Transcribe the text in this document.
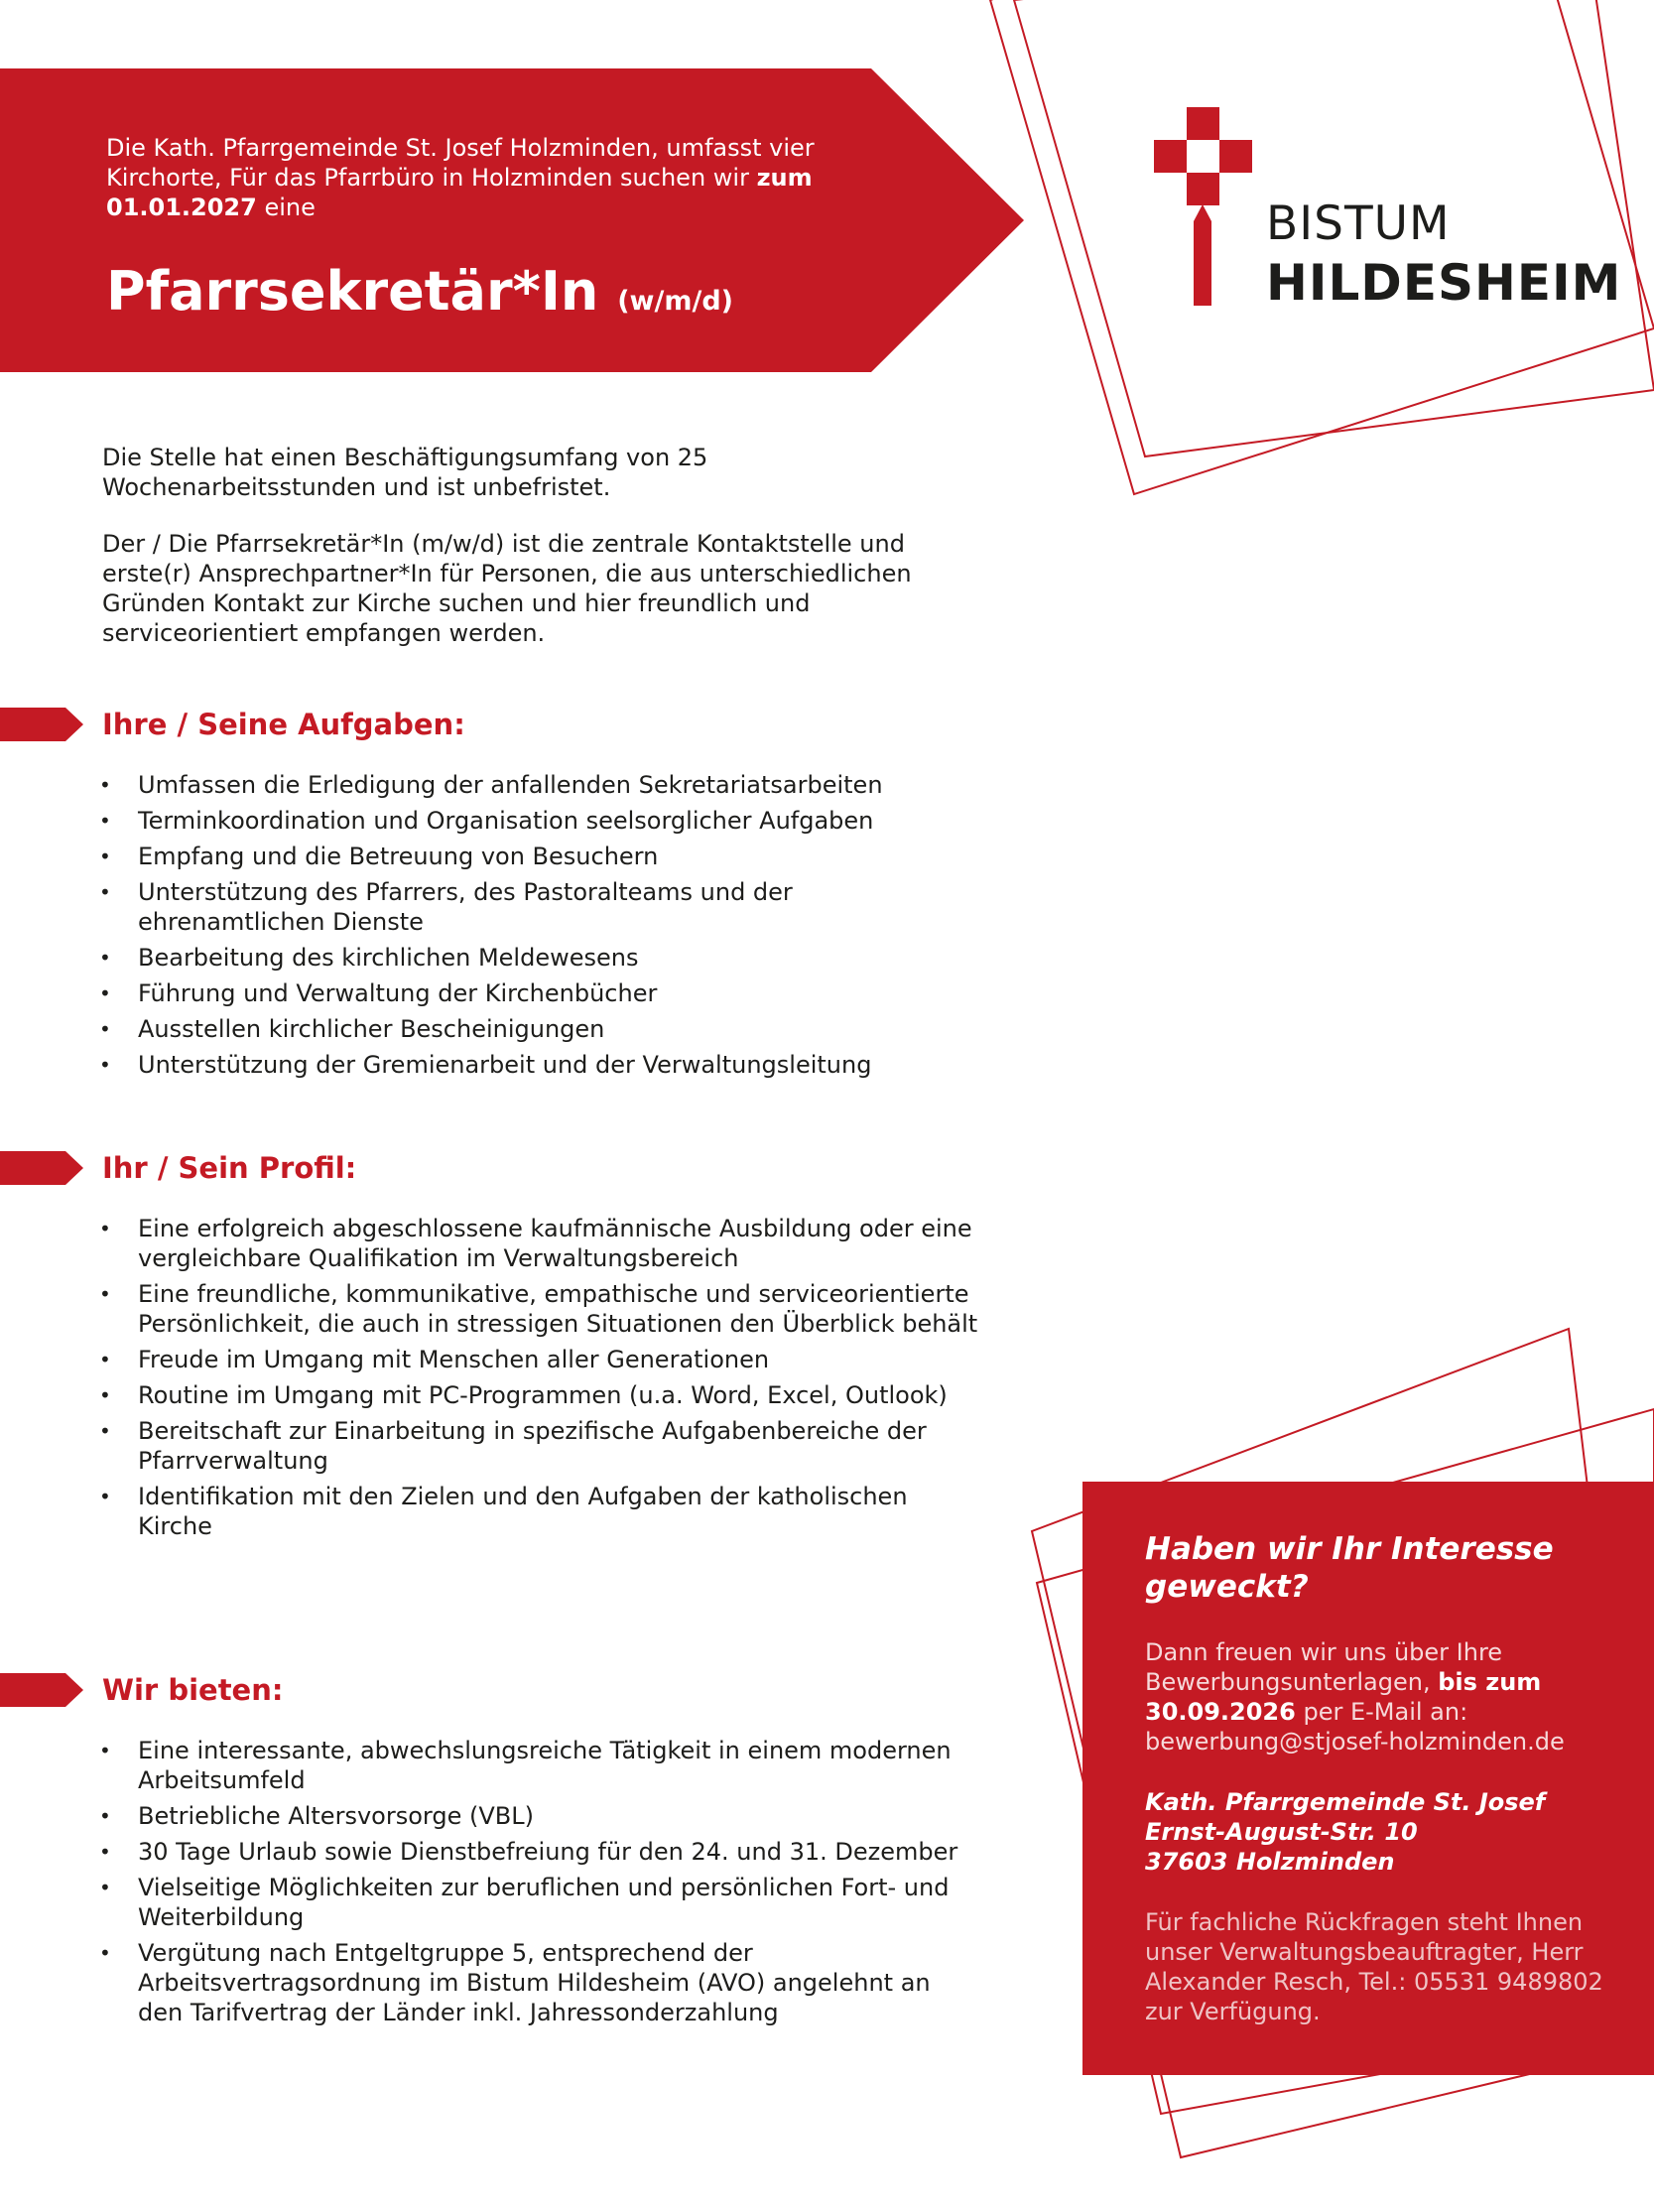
Die Kath. Pfarrgemeinde St. Josef Holzminden, umfasst vier Kirchorte, Für das Pfarrbüro in Holzminden suchen wir zum 01.01.2027 eine
Pfarrsekretär*In (w/m/d)
BISTUM
HILDESHEIM
Die Stelle hat einen Beschäftigungsumfang von 25 Wochenarbeitsstunden und ist unbefristet.
Der / Die Pfarrsekretär*In (m/w/d) ist die zentrale Kontaktstelle und erste(r) Ansprechpartner*In für Personen, die aus unterschiedlichen Gründen Kontakt zur Kirche suchen und hier freundlich und serviceorientiert empfangen werden.
Ihre / Seine Aufgaben:
• Umfassen die Erledigung der anfallenden Sekretariatsarbeiten
• Terminkoordination und Organisation seelsorglicher Aufgaben
• Empfang und die Betreuung von Besuchern
• Unterstützung des Pfarrers, des Pastoralteams und der ehrenamtlichen Dienste
• Bearbeitung des kirchlichen Meldewesens
• Führung und Verwaltung der Kirchenbücher
• Ausstellen kirchlicher Bescheinigungen
• Unterstützung der Gremienarbeit und der Verwaltungsleitung
Ihr / Sein Profil:
• Eine erfolgreich abgeschlossene kaufmännische Ausbildung oder eine vergleichbare Qualifikation im Verwaltungsbereich
• Eine freundliche, kommunikative, empathische und serviceorientierte Persönlichkeit, die auch in stressigen Situationen den Überblick behält
• Freude im Umgang mit Menschen aller Generationen
• Routine im Umgang mit PC-Programmen (u.a. Word, Excel, Outlook)
• Bereitschaft zur Einarbeitung in spezifische Aufgabenbereiche der Pfarrverwaltung
• Identifikation mit den Zielen und den Aufgaben der katholischen Kirche
Wir bieten:
• Eine interessante, abwechslungsreiche Tätigkeit in einem modernen Arbeitsumfeld
• Betriebliche Altersvorsorge (VBL)
• 30 Tage Urlaub sowie Dienstbefreiung für den 24. und 31. Dezember
• Vielseitige Möglichkeiten zur beruflichen und persönlichen Fort- und Weiterbildung
• Vergütung nach Entgeltgruppe 5, entsprechend der Arbeitsvertragsordnung im Bistum Hildesheim (AVO) angelehnt an den Tarifvertrag der Länder inkl. Jahressonderzahlung
Haben wir Ihr Interesse geweckt?
Dann freuen wir uns über Ihre Bewerbungsunterlagen, bis zum 30.09.2026 per E-Mail an:
bewerbung@stjosef-holzminden.de
Kath. Pfarrgemeinde St. Josef
Ernst-August-Str. 10
37603 Holzminden
Für fachliche Rückfragen steht Ihnen unser Verwaltungsbeauftragter, Herr Alexander Resch, Tel.: 05531 9489802 zur Verfügung.
